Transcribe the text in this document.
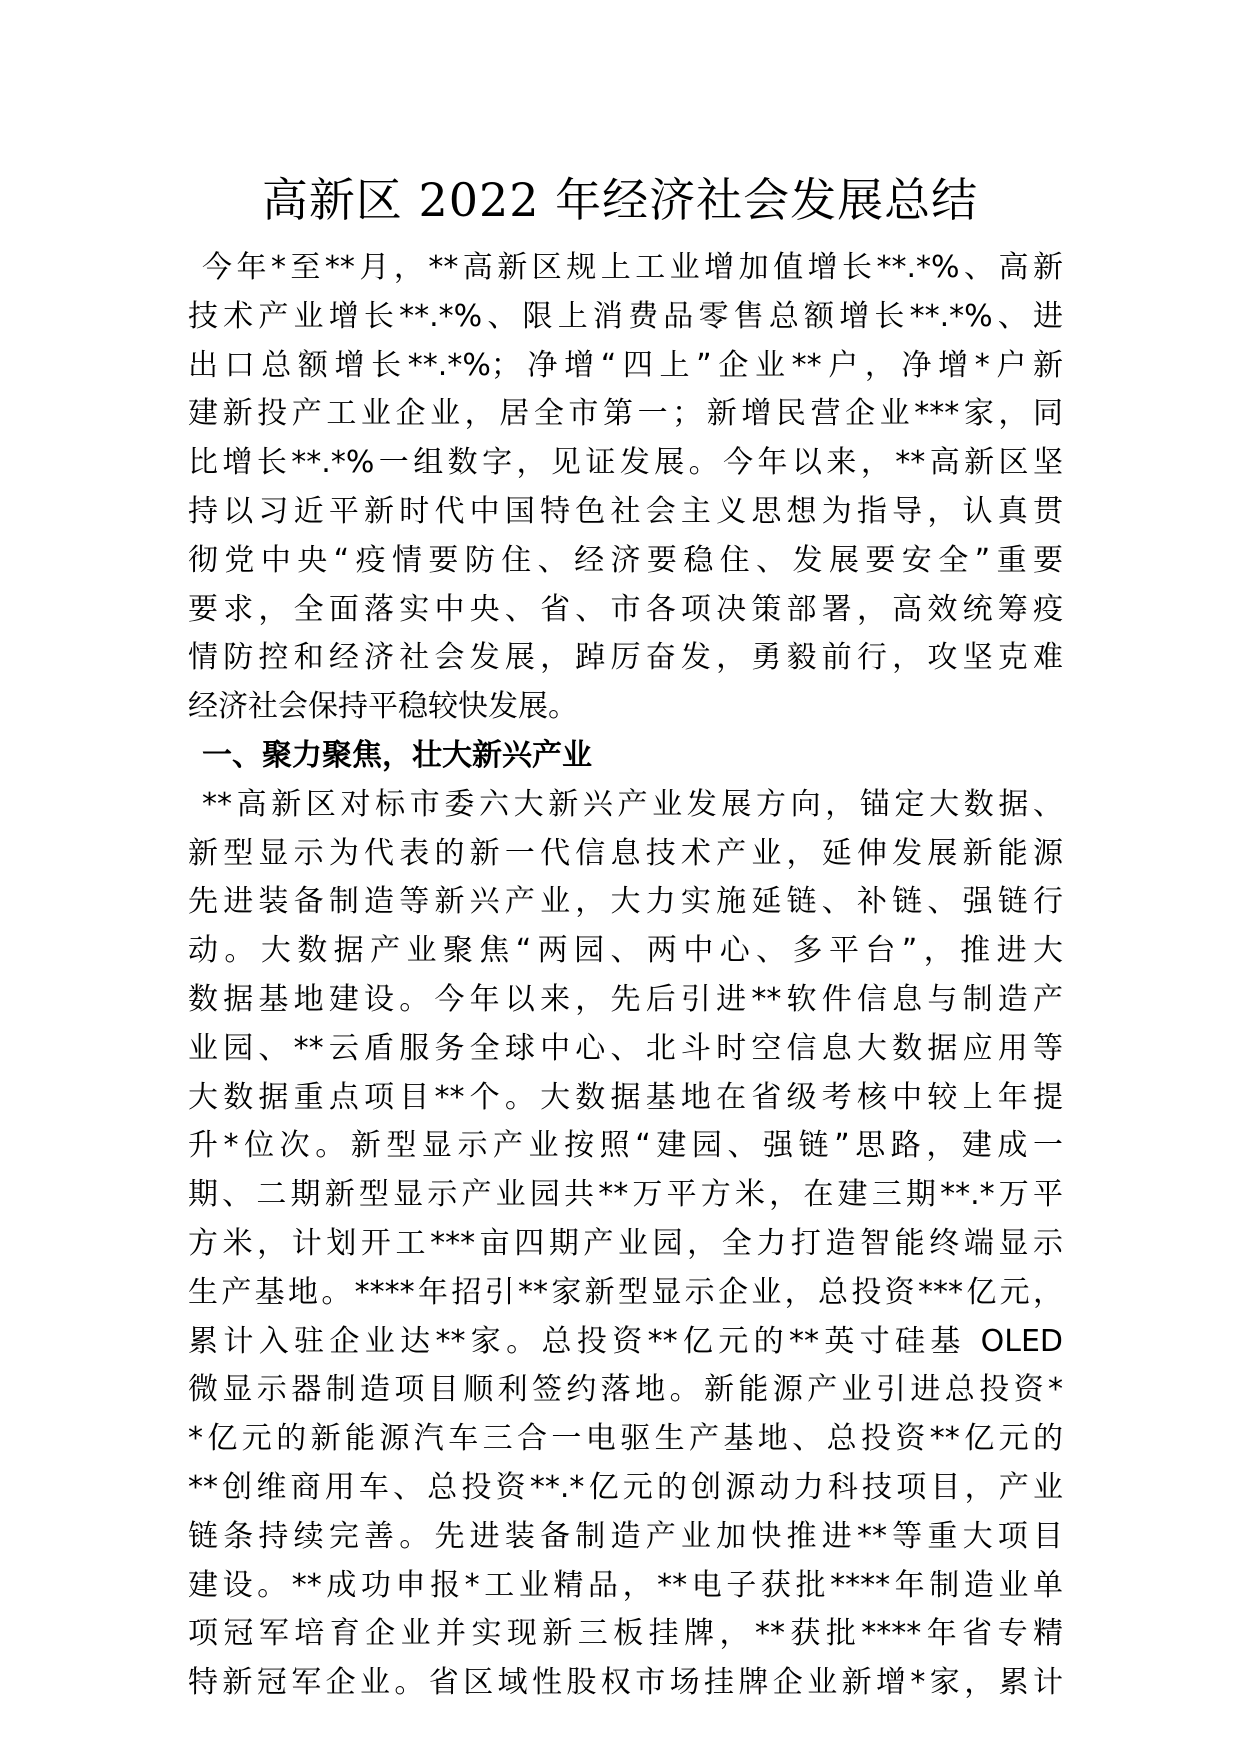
高新区 2022 年经济社会发展总结
今年*至**月，**高新区规上工业增加值增长**.*%、高新
技术产业增长**.*%、限上消费品零售总额增长**.*%、进
出口总额增长**.*%；净增“四上”企业**户，净增*户新
建新投产工业企业，居全市第一；新增民营企业***家，同
比增长**.*%一组数字，见证发展。今年以来，**高新区坚
持以习近平新时代中国特色社会主义思想为指导，认真贯
彻党中央“疫情要防住、经济要稳住、发展要安全”重要
要求，全面落实中央、省、市各项决策部署，高效统筹疫
情防控和经济社会发展，踔厉奋发，勇毅前行，攻坚克难
经济社会保持平稳较快发展。
一、聚力聚焦，壮大新兴产业
**高新区对标市委六大新兴产业发展方向，锚定大数据、
新型显示为代表的新一代信息技术产业，延伸发展新能源
先进装备制造等新兴产业，大力实施延链、补链、强链行
动。大数据产业聚焦“两园、两中心、多平台”，推进大
数据基地建设。今年以来，先后引进**软件信息与制造产
业园、**云盾服务全球中心、北斗时空信息大数据应用等
大数据重点项目**个。大数据基地在省级考核中较上年提
升*位次。新型显示产业按照“建园、强链”思路，建成一
期、二期新型显示产业园共**万平方米，在建三期**.*万平
方米，计划开工***亩四期产业园，全力打造智能终端显示
生产基地。****年招引**家新型显示企业，总投资***亿元，
累计入驻企业达**家。总投资**亿元的**英寸硅基 OLED
微显示器制造项目顺利签约落地。新能源产业引进总投资*
*亿元的新能源汽车三合一电驱生产基地、总投资**亿元的
**创维商用车、总投资**.*亿元的创源动力科技项目，产业
链条持续完善。先进装备制造产业加快推进**等重大项目
建设。**成功申报*工业精品，**电子获批****年制造业单
项冠军培育企业并实现新三板挂牌，**获批****年省专精
特新冠军企业。省区域性股权市场挂牌企业新增*家，累计
